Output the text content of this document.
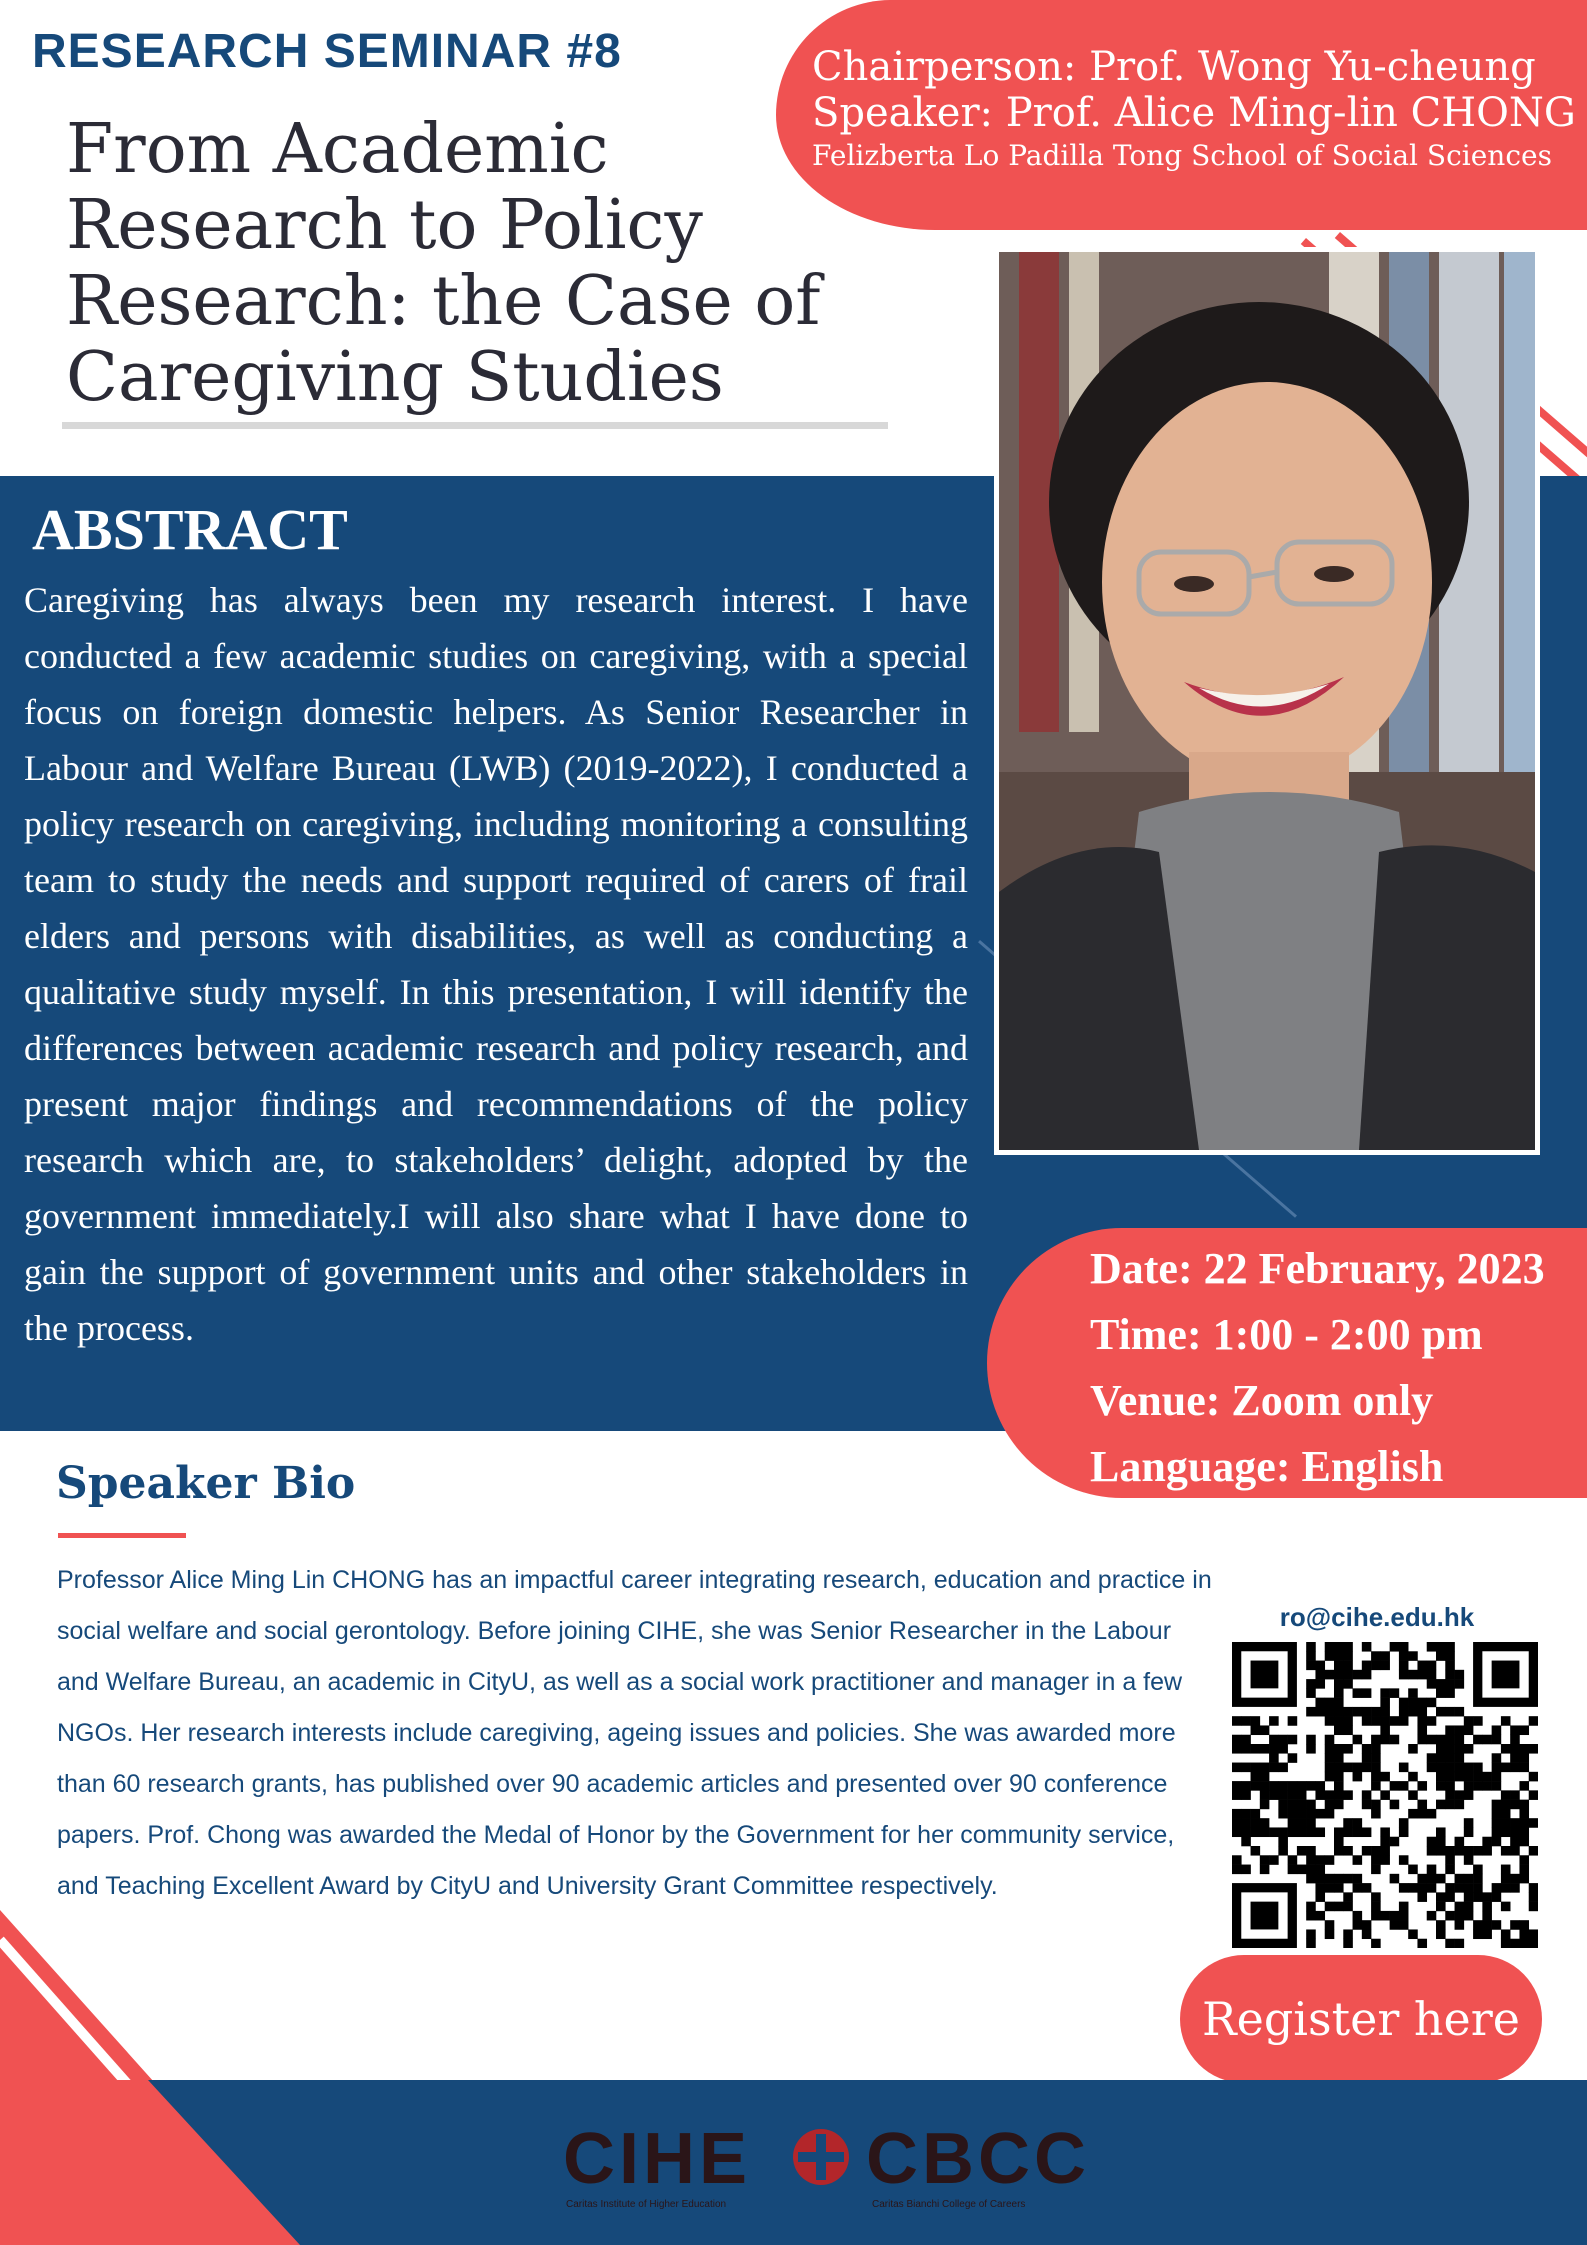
RESEARCH SEMINAR #8
From Academic Research to Policy Research: the Case of Caregiving Studies
Chairperson: Prof. Wong Yu-cheung
Speaker: Prof. Alice Ming-lin CHONG
Felizberta Lo Padilla Tong School of Social Sciences
ABSTRACT

Caregiving has always been my research interest. I have conducted a few academic studies on caregiving, with a special focus on foreign domestic helpers. As Senior Researcher in Labour and Welfare Bureau (LWB) (2019-2022), I conducted a policy research on caregiving, including monitoring a consulting team to study the needs and support required of carers of frail elders and persons with disabilities, as well as conducting a qualitative study myself. In this presentation, I will identify the differences between academic research and policy research, and present major findings and recommendations of the policy research which are, to stakeholders’ delight, adopted by the government immediately.I will also share what I have done to gain the support of government units and other stakeholders in the process.

Date: 22 February, 2023
Time: 1:00 - 2:00 pm
Venue: Zoom only
Language: English
Speaker Bio

Professor Alice Ming Lin CHONG has an impactful career integrating research, education and practice in social welfare and social gerontology. Before joining CIHE, she was Senior Researcher in the Labour and Welfare Bureau, an academic in CityU, as well as a social work practitioner and manager in a few NGOs. Her research interests include caregiving, ageing issues and policies. She was awarded more than 60 research grants, has published over 90 academic articles and presented over 90 conference papers. Prof. Chong was awarded the Medal of Honor by the Government for her community service, and Teaching Excellent Award by CityU and University Grant Committee respectively.

ro@cihe.edu.hk
Register here
CIHE CBCC
Caritas Institute of Higher Education	Caritas Bianchi College of Careers
